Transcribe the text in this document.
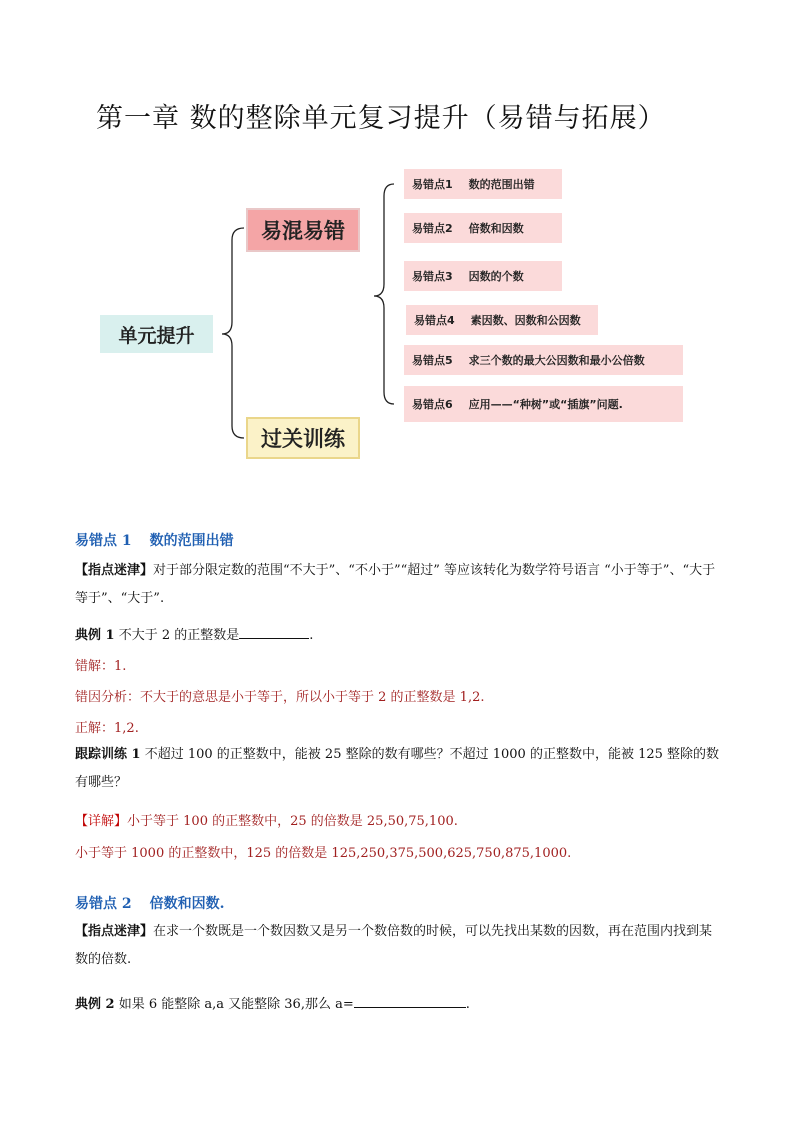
第一章 数的整除单元复习提升（易错与拓展）
单元提升
易混易错
过关训练
易错点1 数的范围出错
易错点2 倍数和因数
易错点3 因数的个数
易错点4 素因数、因数和公因数
易错点5 求三个数的最大公因数和最小公倍数
易错点6 应用——“种树”或“插旗”问题.
易错点 1 数的范围出错
【指点迷津】对于部分限定数的范围“不大于”、“不小于”“超过” 等应该转化为数学符号语言 “小于等于”、“大于等于”、“大于”.
典例 1 不大于 2 的正整数是	.
错解：1.
错因分析：不大于的意思是小于等于，所以小于等于 2 的正整数是 1,2.
正解：1,2.
跟踪训练 1 不超过 100 的正整数中，能被 25 整除的数有哪些？不超过 1000 的正整数中，能被 125 整除的数有哪些？
【详解】小于等于 100 的正整数中，25 的倍数是 25,50,75,100.
小于等于 1000 的正整数中，125 的倍数是 125,250,375,500,625,750,875,1000.
易错点 2 倍数和因数.
【指点迷津】在求一个数既是一个数因数又是另一个数倍数的时候，可以先找出某数的因数，再在范围内找到某数的倍数.
典例 2 如果 6 能整除 a,a 又能整除 36,那么 a=	.
